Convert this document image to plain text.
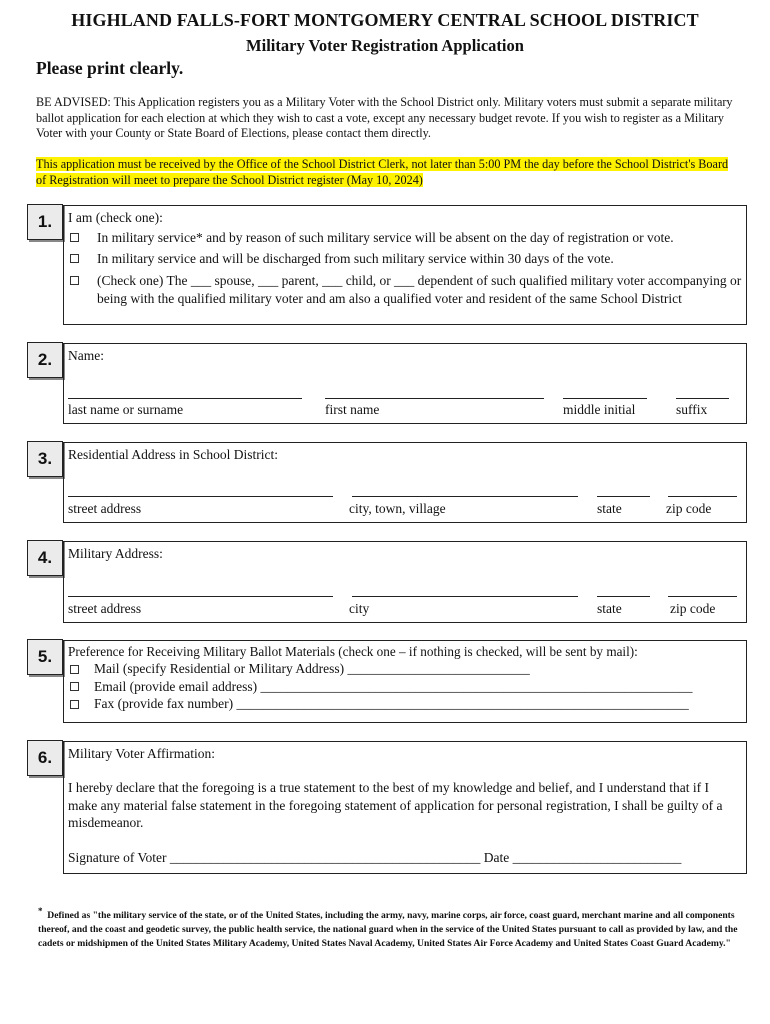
HIGHLAND FALLS-FORT MONTGOMERY CENTRAL SCHOOL DISTRICT
Military Voter Registration Application
Please print clearly.
BE ADVISED: This Application registers you as a Military Voter with the School District only. Military voters must submit a separate military ballot application for each election at which they wish to cast a vote, except any necessary budget revote. If you wish to register as a Military Voter with your County or State Board of Elections, please contact them directly.
This application must be received by the Office of the School District Clerk, not later than 5:00 PM the day before the School District's Board of Registration will meet to prepare the School District register (May 10, 2024)
1.	I am (check one):
In military service* and by reason of such military service will be absent on the day of registration or vote.
In military service and will be discharged from such military service within 30 days of the vote.
(Check one) The ___ spouse, ___ parent, ___ child, or ___ dependent of such qualified military voter accompanying or being with the qualified military voter and am also a qualified voter and resident of the same School District
2.	Name:
last name or surname	first name	middle initial	suffix
3.	Residential Address in School District:
street address	city, town, village	state	zip code
4.	Military Address:
street address	city	state	zip code
5.	Preference for Receiving Military Ballot Materials (check one – if nothing is checked, will be sent by mail):
Mail (specify Residential or Military Address) ___________________________
Email (provide email address) ________________________________________________________________
Fax (provide fax number) ___________________________________________________________________
6.	Military Voter Affirmation:
I hereby declare that the foregoing is a true statement to the best of my knowledge and belief, and I understand that if I make any material false statement in the foregoing statement of application for personal registration, I shall be guilty of a misdemeanor.
Signature of Voter ______________________________________________ Date _________________________
* Defined as "the military service of the state, or of the United States, including the army, navy, marine corps, air force, coast guard, merchant marine and all components thereof, and the coast and geodetic survey, the public health service, the national guard when in the service of the United States pursuant to call as provided by law, and the cadets or midshipmen of the United States Military Academy, United States Naval Academy, United States Air Force Academy and United States Coast Guard Academy."
